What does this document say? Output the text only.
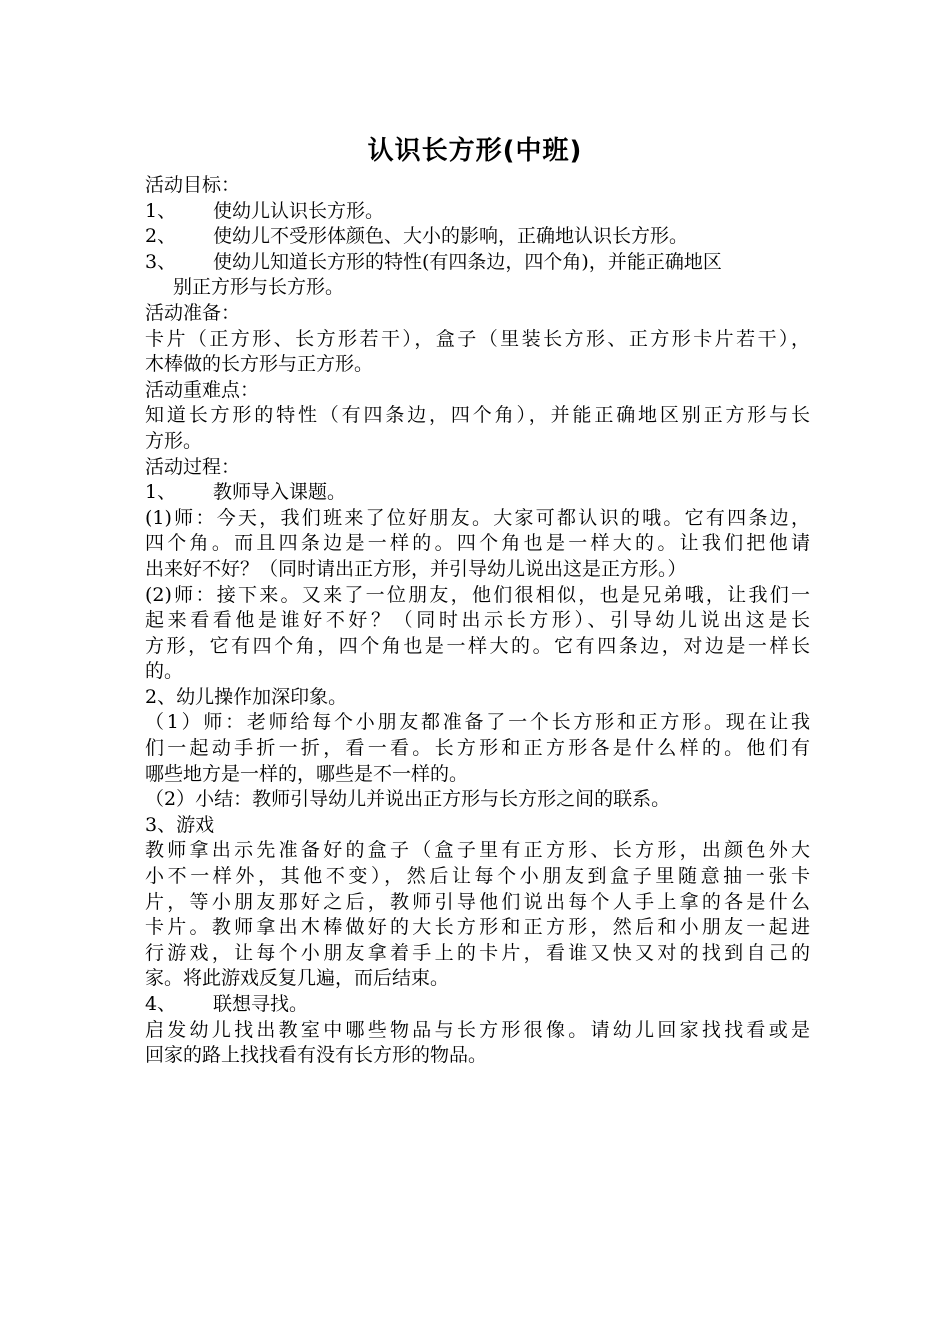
认识长方形(中班)
活动目标：
1、 使幼儿认识长方形。
2、 使幼儿不受形体颜色、大小的影响，正确地认识长方形。
3、 使幼儿知道长方形的特性(有四条边，四个角)，并能正确地区
别正方形与长方形。
活动准备：
卡片（正方形、长方形若干），盒子（里装长方形、正方形卡片若干），
木棒做的长方形与正方形。
活动重难点：
知道长方形的特性（有四条边，四个角），并能正确地区别正方形与长
方形。
活动过程：
1、 教师导入课题。
(1)师：今天，我们班来了位好朋友。大家可都认识的哦。它有四条边，
四个角。而且四条边是一样的。四个角也是一样大的。让我们把他请
出来好不好？（同时请出正方形，并引导幼儿说出这是正方形。）
(2)师：接下来。又来了一位朋友，他们很相似，也是兄弟哦，让我们一
起来看看他是谁好不好？（同时出示长方形）、引导幼儿说出这是长
方形，它有四个角，四个角也是一样大的。它有四条边，对边是一样长
的。
2、幼儿操作加深印象。
（1）师：老师给每个小朋友都准备了一个长方形和正方形。现在让我
们一起动手折一折，看一看。长方形和正方形各是什么样的。他们有
哪些地方是一样的，哪些是不一样的。
（2）小结：教师引导幼儿并说出正方形与长方形之间的联系。
3、游戏
教师拿出示先准备好的盒子（盒子里有正方形、长方形，出颜色外大
小不一样外，其他不变），然后让每个小朋友到盒子里随意抽一张卡
片，等小朋友那好之后，教师引导他们说出每个人手上拿的各是什么
卡片。教师拿出木棒做好的大长方形和正方形，然后和小朋友一起进
行游戏，让每个小朋友拿着手上的卡片，看谁又快又对的找到自己的
家。将此游戏反复几遍，而后结束。
4、 联想寻找。
启发幼儿找出教室中哪些物品与长方形很像。请幼儿回家找找看或是
回家的路上找找看有没有长方形的物品。
